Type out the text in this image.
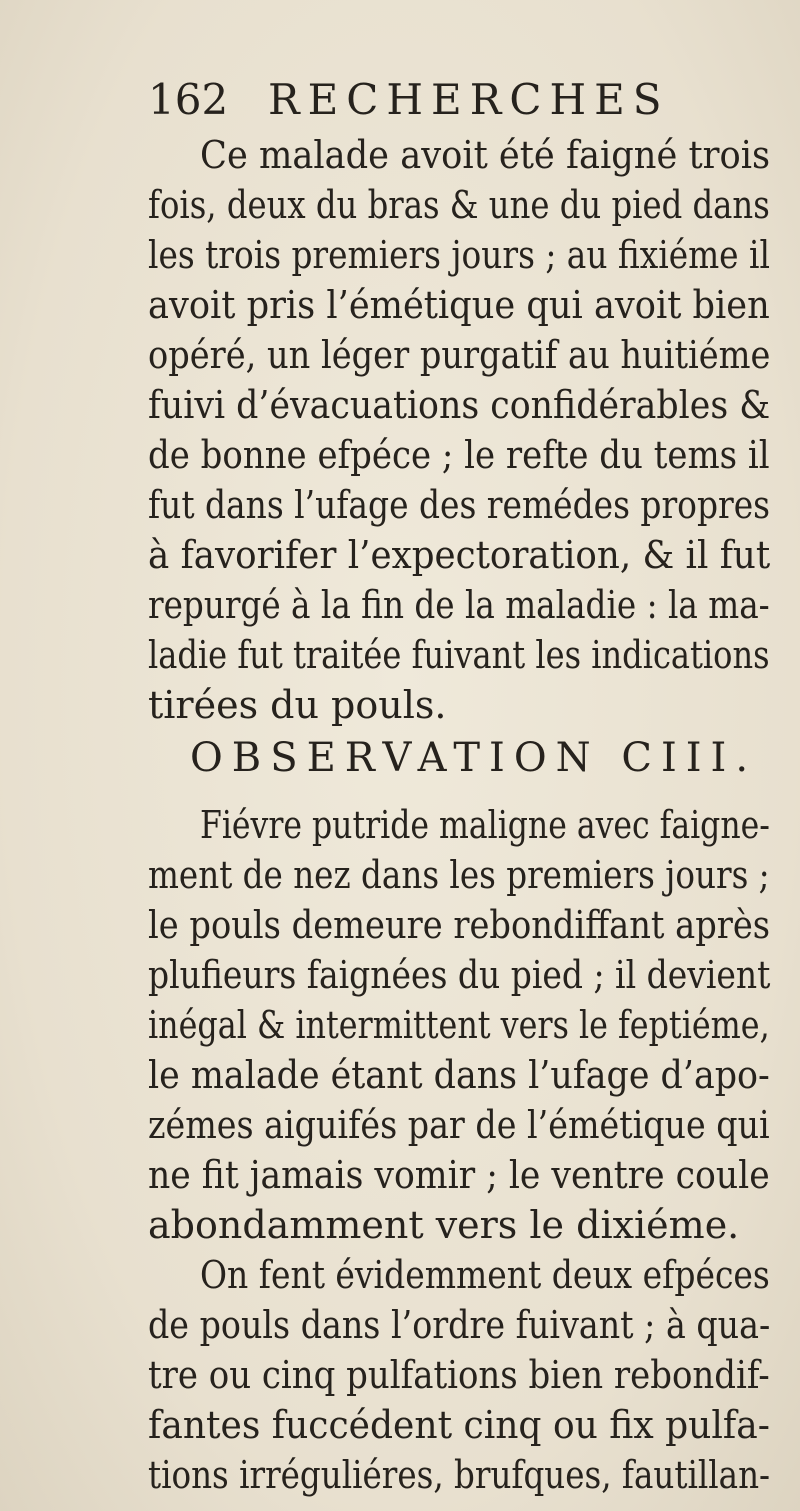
162 RECHERCHES
Ce malade avoit été faigné trois
fois, deux du bras & une du pied dans
les trois premiers jours ; au fixiéme il
avoit pris l’émétique qui avoit bien
opéré, un léger purgatif au huitiéme
fuivi d’évacuations confidérables &
de bonne efpéce ; le refte du tems il
fut dans l’ufage des remédes propres
à favorifer l’expectoration, & il fut
repurgé à la fin de la maladie : la ma-
ladie fut traitée fuivant les indications
tirées du pouls.
OBSERVATION CIII.
Fiévre putride maligne avec faigne-
ment de nez dans les premiers jours ;
le pouls demeure rebondiffant après
plufieurs faignées du pied ; il devient
inégal & intermittent vers le feptiéme,
le malade étant dans l’ufage d’apo-
zémes aiguifés par de l’émétique qui
ne fit jamais vomir ; le ventre coule
abondamment vers le dixiéme.
On fent évidemment deux efpéces
de pouls dans l’ordre fuivant ; à qua-
tre ou cinq pulfations bien rebondif-
fantes fuccédent cinq ou fix pulfa-
tions irréguliéres, brufques, fautillan-
